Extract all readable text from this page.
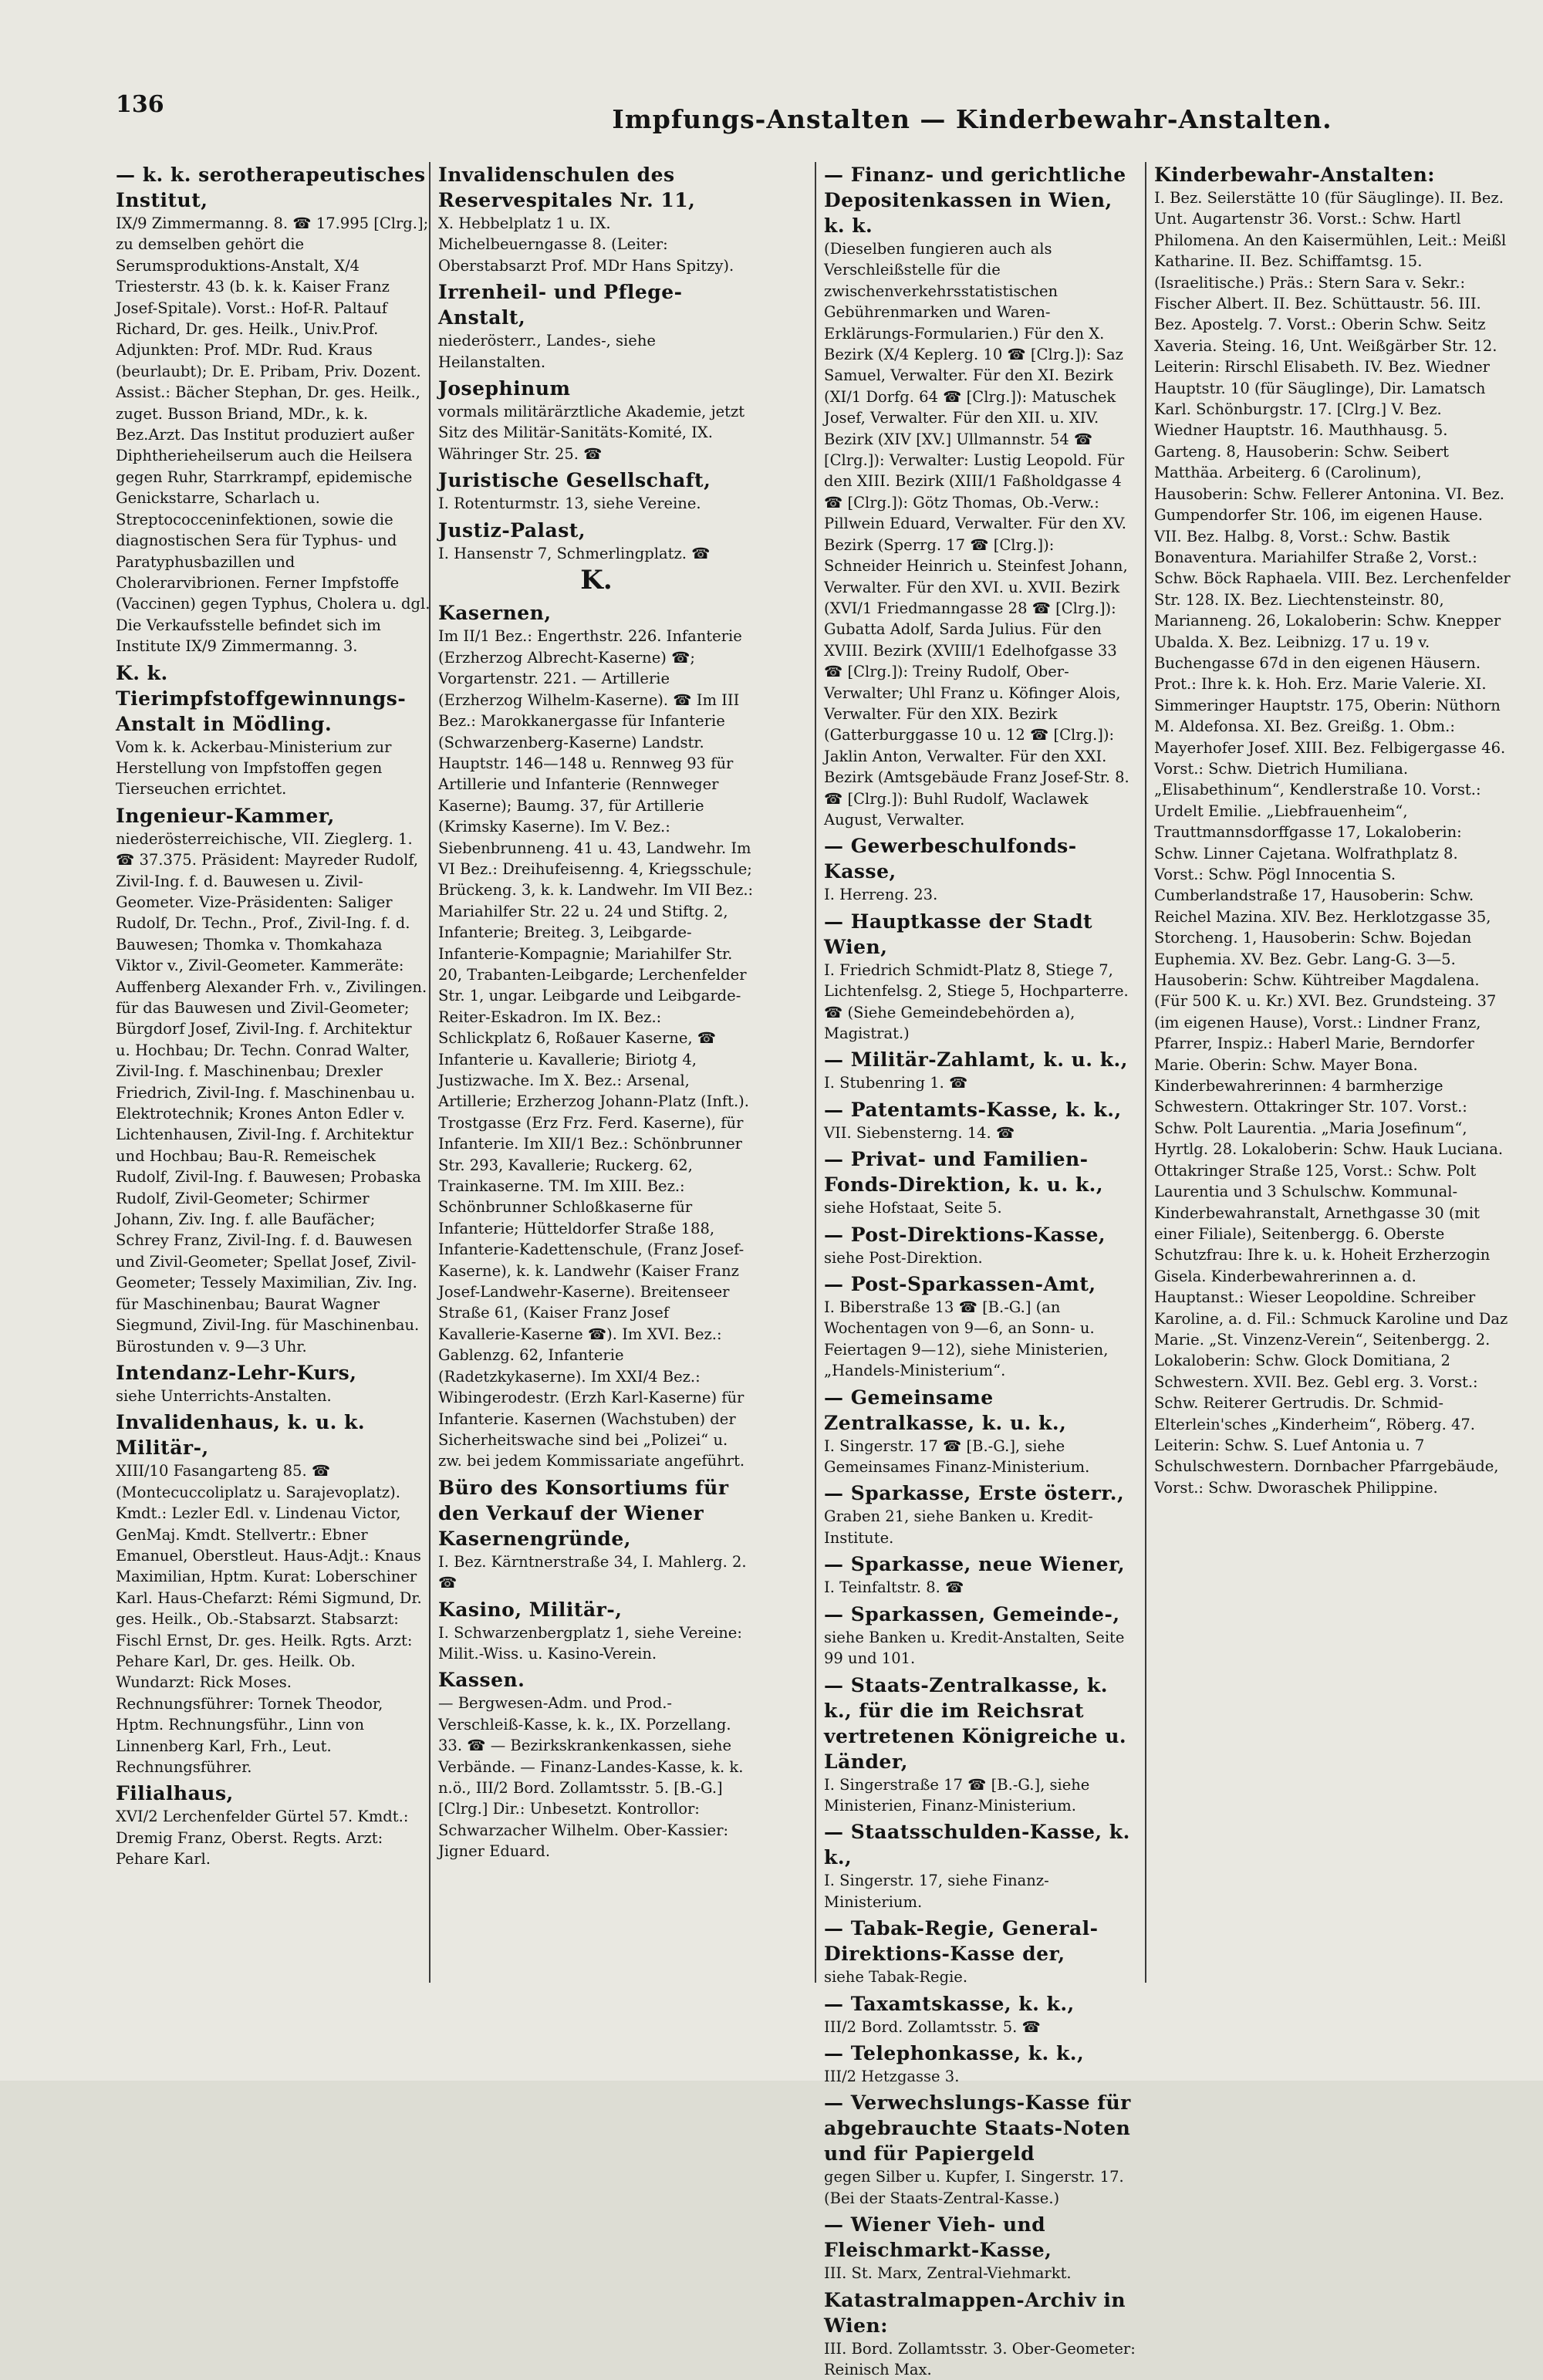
136	Impfungs-Anstalten — Kinderbewahr-Anstalten.

— k. k. serotherapeutisches Institut,

IX/9 Zimmermanng. 8. ☎ 17.995 [Clrg.]; zu demselben gehört die Serumsproduktions-Anstalt, X/4 Triesterstr. 43 (b. k. k. Kaiser Franz Josef-Spitale). Vorst.: Hof-R. Paltauf Richard, Dr. ges. Heilk., Univ.Prof. Adjunkten: Prof. MDr. Rud. Kraus (beurlaubt); Dr. E. Pribam, Priv. Dozent. Assist.: Bächer Stephan, Dr. ges. Heilk., zuget. Busson Briand, MDr., k. k. Bez.Arzt. Das Institut produziert außer Diphtherieheilserum auch die Heilsera gegen Ruhr, Starrkrampf, epidemische Genickstarre, Scharlach u. Streptococceninfektionen, sowie die diagnostischen Sera für Typhus- und Paratyphusbazillen und Cholerarvibrionen. Ferner Impfstoffe (Vaccinen) gegen Typhus, Cholera u. dgl. Die Verkaufsstelle befindet sich im Institute IX/9 Zimmermanng. 3.

K. k. Tierimpfstoffgewinnungs-Anstalt in Mödling.

Vom k. k. Ackerbau-Ministerium zur Herstellung von Impfstoffen gegen Tierseuchen errichtet.

Ingenieur-Kammer,

niederösterreichische, VII. Zieglerg. 1. ☎ 37.375. Präsident: Mayreder Rudolf, Zivil-Ing. f. d. Bauwesen u. Zivil-Geometer. Vize-Präsidenten: Saliger Rudolf, Dr. Techn., Prof., Zivil-Ing. f. d. Bauwesen; Thomka v. Thomkahaza Viktor v., Zivil-Geometer. Kammeräte: Auffenberg Alexander Frh. v., Zivilingen. für das Bauwesen und Zivil-Geometer; Bürgdorf Josef, Zivil-Ing. f. Architektur u. Hochbau; Dr. Techn. Conrad Walter, Zivil-Ing. f. Maschinenbau; Drexler Friedrich, Zivil-Ing. f. Maschinenbau u. Elektrotechnik; Krones Anton Edler v. Lichtenhausen, Zivil-Ing. f. Architektur und Hochbau; Bau-R. Remeischek Rudolf, Zivil-Ing. f. Bauwesen; Probaska Rudolf, Zivil-Geometer; Schirmer Johann, Ziv. Ing. f. alle Baufächer; Schrey Franz, Zivil-Ing. f. d. Bauwesen und Zivil-Geometer; Spellat Josef, Zivil-Geometer; Tessely Maximilian, Ziv. Ing. für Maschinenbau; Baurat Wagner Siegmund, Zivil-Ing. für Maschinenbau. Bürostunden v. 9—3 Uhr.

Intendanz-Lehr-Kurs,

siehe Unterrichts-Anstalten.

Invalidenhaus, k. u. k. Militär-,

XIII/10 Fasangarteng 85. ☎ (Montecuccoliplatz u. Sarajevoplatz). Kmdt.: Lezler Edl. v. Lindenau Victor, GenMaj. Kmdt. Stellvertr.: Ebner Emanuel, Oberstleut. Haus-Adjt.: Knaus Maximilian, Hptm. Kurat: Loberschiner Karl. Haus-Chefarzt: Rémi Sigmund, Dr. ges. Heilk., Ob.-Stabsarzt. Stabsarzt: Fischl Ernst, Dr. ges. Heilk. Rgts. Arzt: Pehare Karl, Dr. ges. Heilk. Ob. Wundarzt: Rick Moses. Rechnungsführer: Tornek Theodor, Hptm. Rechnungsführ., Linn von Linnenberg Karl, Frh., Leut. Rechnungsführer.

Filialhaus,

XVI/2 Lerchenfelder Gürtel 57. Kmdt.: Dremig Franz, Oberst. Regts. Arzt: Pehare Karl.

Invalidenschulen des Reservespitales Nr. 11,

X. Hebbelplatz 1 u. IX. Michelbeuerngasse 8. (Leiter: Oberstabsarzt Prof. MDr Hans Spitzy).

Irrenheil- und Pflege-Anstalt,

niederösterr., Landes-, siehe Heilanstalten.

Josephinum

vormals militärärztliche Akademie, jetzt Sitz des Militär-Sanitäts-Komité, IX. Währinger Str. 25. ☎

Juristische Gesellschaft,

I. Rotenturmstr. 13, siehe Vereine.

Justiz-Palast,

I. Hansenstr 7, Schmerlingplatz. ☎

K.

Kasernen,

Im II/1 Bez.: Engerthstr. 226. Infanterie (Erzherzog Albrecht-Kaserne) ☎; Vorgartenstr. 221. — Artillerie (Erzherzog Wilhelm-Kaserne). ☎ Im III Bez.: Marokkanergasse für Infanterie (Schwarzenberg-Kaserne) Landstr. Hauptstr. 146—148 u. Rennweg 93 für Artillerie und Infanterie (Rennweger Kaserne); Baumg. 37, für Artillerie (Krimsky Kaserne). Im V. Bez.: Siebenbrunneng. 41 u. 43, Landwehr. Im VI Bez.: Dreihufeisenng. 4, Kriegsschule; Brückeng. 3, k. k. Landwehr. Im VII Bez.: Mariahilfer Str. 22 u. 24 und Stiftg. 2, Infanterie; Breiteg. 3, Leibgarde-Infanterie-Kompagnie; Mariahilfer Str. 20, Trabanten-Leibgarde; Lerchenfelder Str. 1, ungar. Leibgarde und Leibgarde-Reiter-Eskadron. Im IX. Bez.: Schlickplatz 6, Roßauer Kaserne, ☎ Infanterie u. Kavallerie; Biriotg 4, Justizwache. Im X. Bez.: Arsenal, Artillerie; Erzherzog Johann-Platz (Inft.). Trostgasse (Erz Frz. Ferd. Kaserne), für Infanterie. Im XII/1 Bez.: Schönbrunner Str. 293, Kavallerie; Ruckerg. 62, Trainkaserne. TM. Im XIII. Bez.: Schönbrunner Schloßkaserne für Infanterie; Hütteldorfer Straße 188, Infanterie-Kadettenschule, (Franz Josef-Kaserne), k. k. Landwehr (Kaiser Franz Josef-Landwehr-Kaserne). Breitenseer Straße 61, (Kaiser Franz Josef Kavallerie-Kaserne ☎). Im XVI. Bez.: Gablenzg. 62, Infanterie (Radetzkykaserne). Im XXI/4 Bez.: Wibingerodestr. (Erzh Karl-Kaserne) für Infanterie. Kasernen (Wachstuben) der Sicherheitswache sind bei „Polizei“ u. zw. bei jedem Kommissariate angeführt.

Büro des Konsortiums für den Verkauf der Wiener Kasernengründe,

I. Bez. Kärntnerstraße 34, I. Mahlerg. 2. ☎

Kasino, Militär-,

I. Schwarzenbergplatz 1, siehe Vereine: Milit.-Wiss. u. Kasino-Verein.

Kassen.

— Bergwesen-Adm. und Prod.-Verschleiß-Kasse, k. k., IX. Porzellang. 33. ☎ — Bezirkskrankenkassen, siehe Verbände. — Finanz-Landes-Kasse, k. k. n.ö., III/2 Bord. Zollamtsstr. 5. [B.-G.] [Clrg.] Dir.: Unbesetzt. Kontrollor: Schwarzacher Wilhelm. Ober-Kassier: Jigner Eduard.

— Finanz- und gerichtliche Depositenkassen in Wien, k. k.

(Dieselben fungieren auch als Verschleißstelle für die zwischenverkehrsstatistischen Gebührenmarken und Waren-Erklärungs-Formularien.) Für den X. Bezirk (X/4 Keplerg. 10 ☎ [Clrg.]): Saz Samuel, Verwalter. Für den XI. Bezirk (XI/1 Dorfg. 64 ☎ [Clrg.]): Matuschek Josef, Verwalter. Für den XII. u. XIV. Bezirk (XIV [XV.] Ullmannstr. 54 ☎ [Clrg.]): Verwalter: Lustig Leopold. Für den XIII. Bezirk (XIII/1 Faßholdgasse 4 ☎ [Clrg.]): Götz Thomas, Ob.-Verw.: Pillwein Eduard, Verwalter. Für den XV. Bezirk (Sperrg. 17 ☎ [Clrg.]): Schneider Heinrich u. Steinfest Johann, Verwalter. Für den XVI. u. XVII. Bezirk (XVI/1 Friedmanngasse 28 ☎ [Clrg.]): Gubatta Adolf, Sarda Julius. Für den XVIII. Bezirk (XVIII/1 Edelhofgasse 33 ☎ [Clrg.]): Treiny Rudolf, Ober-Verwalter; Uhl Franz u. Köfinger Alois, Verwalter. Für den XIX. Bezirk (Gatterburggasse 10 u. 12 ☎ [Clrg.]): Jaklin Anton, Verwalter. Für den XXI. Bezirk (Amtsgebäude Franz Josef-Str. 8. ☎ [Clrg.]): Buhl Rudolf, Waclawek August, Verwalter.

— Gewerbeschulfonds-Kasse,

I. Herreng. 23.

— Hauptkasse der Stadt Wien,

I. Friedrich Schmidt-Platz 8, Stiege 7, Lichtenfelsg. 2, Stiege 5, Hochparterre. ☎ (Siehe Gemeindebehörden a), Magistrat.)

— Militär-Zahlamt, k. u. k.,

I. Stubenring 1. ☎

— Patentamts-Kasse, k. k.,

VII. Siebensterng. 14. ☎

— Privat- und Familien-Fonds-Direktion, k. u. k.,

siehe Hofstaat, Seite 5.

— Post-Direktions-Kasse,

siehe Post-Direktion.

— Post-Sparkassen-Amt,

I. Biberstraße 13 ☎ [B.-G.] (an Wochentagen von 9—6, an Sonn- u. Feiertagen 9—12), siehe Ministerien, „Handels-Ministerium“.

— Gemeinsame Zentralkasse, k. u. k.,

I. Singerstr. 17 ☎ [B.-G.], siehe Gemeinsames Finanz-Ministerium.

— Sparkasse, Erste österr.,

Graben 21, siehe Banken u. Kredit-Institute.

— Sparkasse, neue Wiener,

I. Teinfaltstr. 8. ☎

— Sparkassen, Gemeinde-,

siehe Banken u. Kredit-Anstalten, Seite 99 und 101.

— Staats-Zentralkasse, k. k., für die im Reichsrat vertretenen Königreiche u. Länder,

I. Singerstraße 17 ☎ [B.-G.], siehe Ministerien, Finanz-Ministerium.

— Staatsschulden-Kasse, k. k.,

I. Singerstr. 17, siehe Finanz-Ministerium.

— Tabak-Regie, General-Direktions-Kasse der,

siehe Tabak-Regie.

— Taxamtskasse, k. k.,

III/2 Bord. Zollamtsstr. 5. ☎

— Telephonkasse, k. k.,

III/2 Hetzgasse 3.

— Verwechslungs-Kasse für abgebrauchte Staats-Noten und für Papiergeld

gegen Silber u. Kupfer, I. Singerstr. 17. (Bei der Staats-Zentral-Kasse.)

— Wiener Vieh- und Fleischmarkt-Kasse,

III. St. Marx, Zentral-Viehmarkt.

Katastralmappen-Archiv in Wien:

III. Bord. Zollamtsstr. 3. Ober-Geometer: Reinisch Max.

Kinderbewahr-Anstalten:

I. Bez. Seilerstätte 10 (für Säuglinge). II. Bez. Unt. Augartenstr 36. Vorst.: Schw. Hartl Philomena. An den Kaisermühlen, Leit.: Meißl Katharine. II. Bez. Schiffamtsg. 15. (Israelitische.) Präs.: Stern Sara v. Sekr.: Fischer Albert. II. Bez. Schüttaustr. 56. III. Bez. Apostelg. 7. Vorst.: Oberin Schw. Seitz Xaveria. Steing. 16, Unt. Weißgärber Str. 12. Leiterin: Rirschl Elisabeth. IV. Bez. Wiedner Hauptstr. 10 (für Säuglinge), Dir. Lamatsch Karl. Schönburgstr. 17. [Clrg.] V. Bez. Wiedner Hauptstr. 16. Mauthhausg. 5. Garteng. 8, Hausoberin: Schw. Seibert Matthäa. Arbeiterg. 6 (Carolinum), Hausoberin: Schw. Fellerer Antonina. VI. Bez. Gumpendorfer Str. 106, im eigenen Hause. VII. Bez. Halbg. 8, Vorst.: Schw. Bastik Bonaventura. Mariahilfer Straße 2, Vorst.: Schw. Böck Raphaela. VIII. Bez. Lerchenfelder Str. 128. IX. Bez. Liechtensteinstr. 80, Marianneng. 26, Lokaloberin: Schw. Knepper Ubalda. X. Bez. Leibnizg. 17 u. 19 v. Buchengasse 67d in den eigenen Häusern. Prot.: Ihre k. k. Hoh. Erz. Marie Valerie. XI. Simmeringer Hauptstr. 175, Oberin: Nüthorn M. Aldefonsa. XI. Bez. Greißg. 1. Obm.: Mayerhofer Josef. XIII. Bez. Felbigergasse 46. Vorst.: Schw. Dietrich Humiliana. „Elisabethinum“, Kendlerstraße 10. Vorst.: Urdelt Emilie. „Liebfrauenheim“, Trauttmannsdorffgasse 17, Lokaloberin: Schw. Linner Cajetana. Wolfrathplatz 8. Vorst.: Schw. Pögl Innocentia S. Cumberlandstraße 17, Hausoberin: Schw. Reichel Mazina. XIV. Bez. Herklotzgasse 35, Storcheng. 1, Hausoberin: Schw. Bojedan Euphemia. XV. Bez. Gebr. Lang-G. 3—5. Hausoberin: Schw. Kühtreiber Magdalena. (Für 500 K. u. Kr.) XVI. Bez. Grundsteing. 37 (im eigenen Hause), Vorst.: Lindner Franz, Pfarrer, Inspiz.: Haberl Marie, Berndorfer Marie. Oberin: Schw. Mayer Bona. Kinderbewahrerinnen: 4 barmherzige Schwestern. Ottakringer Str. 107. Vorst.: Schw. Polt Laurentia. „Maria Josefinum“, Hyrtlg. 28. Lokaloberin: Schw. Hauk Luciana. Ottakringer Straße 125, Vorst.: Schw. Polt Laurentia und 3 Schulschw. Kommunal-Kinderbewahranstalt, Arnethgasse 30 (mit einer Filiale), Seitenbergg. 6. Oberste Schutzfrau: Ihre k. u. k. Hoheit Erzherzogin Gisela. Kinderbewahrerinnen a. d. Hauptanst.: Wieser Leopoldine. Schreiber Karoline, a. d. Fil.: Schmuck Karoline und Daz Marie. „St. Vinzenz-Verein“, Seitenbergg. 2. Lokaloberin: Schw. Glock Domitiana, 2 Schwestern. XVII. Bez. Gebl erg. 3. Vorst.: Schw. Reiterer Gertrudis. Dr. Schmid-Elterlein'sches „Kinderheim“, Röberg. 47. Leiterin: Schw. S. Luef Antonia u. 7 Schulschwestern. Dornbacher Pfarrgebäude, Vorst.: Schw. Dworaschek Philippine.
